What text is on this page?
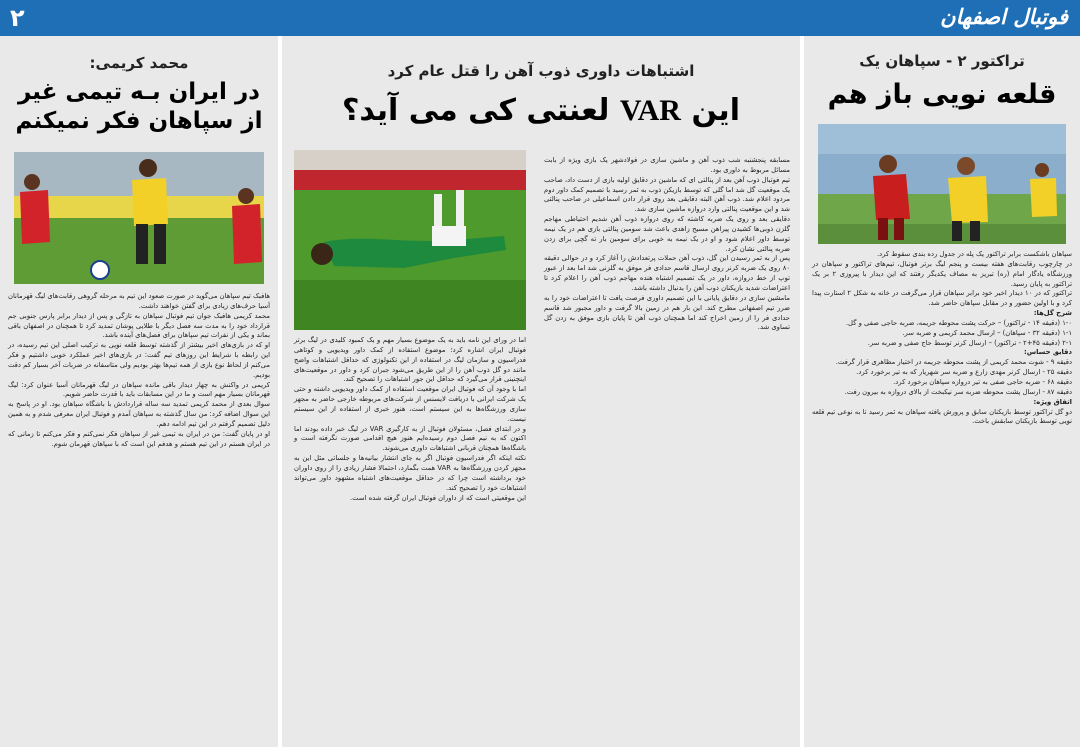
۲	فوتبال اصفهان
تراکتور ۲ - سپاهان یک
قلعه نویی باز هم

سپاهان باشکست برابر تراکتور یک پله در جدول رده بندی سقوط کرد.

در چارچوب رقابت‌های هفته بیست و پنجم لیگ برتر فوتبال، تیم‌های تراکتور و سپاهان در ورزشگاه یادگار امام (ره) تبریز به مصاف یکدیگر رفتند که این دیدار با پیروزی ۲ بر یک تراکتور به پایان رسید.

تراکتور که در ۱۰ دیدار اخیر خود برابر سپاهان قرار می‌گرفت در خانه به شکل ۲ استارت پیدا کرد و با اولین حضور و در مقابل سپاهان حاضر شد.

شرح گل‌ها:

۱-۰ (دقیقه ۱۴ - تراکتور) – حرکت پشت محوطه جریمه، ضربه حاجی صفی و گل.

۱-۱ (دقیقه ۳۲ - سپاهان) – ارسال محمد کریمی و ضربه سر.

۲-۱ (دقیقه ۴۵+۲ - تراکتور) – ارسال کرنر توسط حاج صفی و ضربه سر.

دقایق حساس:

دقیقه ۹ - شوت محمد کریمی از پشت محوطه جریمه در اختیار مظاهری قرار گرفت.

دقیقه ۲۵ - ارسال کرنر مهدی زارع و ضربه سر شهریار که به تیر برخورد کرد.

دقیقه ۶۸ - ضربه حاجی صفی به تیر دروازه سپاهان برخورد کرد.

دقیقه ۸۷ - ارسال پشت محوطه ضربه سر نیکبخت از بالای دروازه به بیرون رفت.

اتفاق ویژه:

دو گل تراکتور توسط بازیکنان سابق و پرورش یافته سپاهان به ثمر رسید تا به نوعی تیم قلعه نویی توسط بازیکنان سابقش باخت.

اشتباهات داوری ذوب آهن را قتل عام کرد
این VAR لعنتی کی می آید؟

مسابقه پنجشنبه شب ذوب آهن و ماشین سازی در فولادشهر یک بازی ویژه از بابت مسائل مربوط به داوری بود.

تیم فوتبال ذوب آهن بعد از پنالتی ای که ماشین در دقایق اولیه بازی از دست داد، صاحب یک موقعیت گل شد اما گلی که توسط بازیکن ذوب به ثمر رسید با تصمیم کمک داور دوم مردود اعلام شد. ذوب آهن البته دقایقی بعد روی قرار دادن اسماعیلی در صاحب پنالتی شد و این موقعیت پنالتی وارد دروازه ماشین سازی شد.

دقایقی بعد و روی یک ضربه کاشته که روی دروازه ذوب آهن شدیم احتیاطی مهاجم گلزن ذوبی‌ها کشیدن پیراهن مسیح زاهدی باعث شد سومین پنالتی بازی هم در یک نیمه توسط داور اعلام شود و او در یک نیمه به خوبی برای سومین بار ته گچی برای زدن ضربه پنالتی نشان کرد.

پس از به ثمر رسیدن این گل، ذوب آهن حملات پرتعدادش را آغاز کرد و در حوالی دقیقه ۸۰ روی یک ضربه کرنر روی ارسال قاسم حدادی فر موفق به گلزنی شد اما بعد از عبور توپ از خط دروازه، داور در یک تصمیم اشتباه هنده مهاجم ذوب آهن را اعلام کرد تا اعتراضات شدید بازیکنان ذوب آهن را بدنبال داشته باشد.

مامشین سازی در دقایق پایانی با این تصمیم داوری فرصت یافت تا اعتراضات خود را به ضرر تیم اصفهانی مطرح کند. این بار هم در زمین بالا گرفت و داور مجبور شد قاسم حدادی فر را از زمین اخراج کند اما همچنان ذوب آهن تا پایان بازی موفق به زدن گل تساوی شد.

اما در ورای این نامه باید به یک موضوع بسیار مهم و یک کمبود کلیدی در لیگ برتر فوتبال ایران اشاره کرد؛ موضوع استفاده از کمک داور ویدیویی و کوتاهی فدراسیون و سازمان لیگ در استفاده از این تکنولوژی که حداقل اشتباهات واضح مانند دو گل ذوب آهن را از این طریق می‌شود جبران کرد و داور در موقعیت‌های اینچنینی قرار می‌گیرد که حداقل این جور اشتباهات را تصحیح کند.

اما با وجود آن که فوتبال ایران موقعیت استفاده از کمک داور ویدیویی داشته و حتی یک شرکت ایرانی با دریافت لایسنس از شرکت‌های مربوطه خارجی حاضر به مجهز سازی ورزشگاه‌ها به این سیستم است، هنوز خبری از استفاده از این سیستم نیست.

و در ابتدای فصل، مسئولان فوتبال از به کارگیری VAR در لیگ خبر داده بودند اما اکنون که به نیم فصل دوم رسیده‌ایم هنوز هیچ اقدامی صورت نگرفته است و باشگاه‌ها همچنان قربانی اشتباهات داوری می‌شوند.

نکته اینکه اگر فدراسیون فوتبال اگر به جای انتشار بیانیه‌ها و جلساتی مثل این به مجهز کردن ورزشگاه‌ها به VAR همت بگمارد، احتمالا فشار زیادی را از روی داوران خود برداشته است چرا که در حداقل موقعیت‌های اشتباه مشهود داور می‌تواند اشتباهات خود را تصحیح کند.

این موقعیتی است که از داوران فوتبال ایران گرفته شده است.

محمد کریمی:
در ایران بـه تیمی غیر از سپاهان فکر نمیکنم

هافبک تیم سپاهان می‌گوید در صورت صعود این تیم به مرحله گروهی رقابت‌های لیگ قهرمانان آسیا حرف‌های زیادی برای گفتن خواهند داشت.

محمد کریمی هافبک جوان تیم فوتبال سپاهان به تازگی و پس از دیدار برابر پارس جنوبی جم قرارداد خود را به مدت سه فصل دیگر با طلایی پوشان تمدید کرد تا همچنان در اصفهان باقی بماند و یکی از نفرات تیم سپاهان برای فصل‌های آینده باشد.

او که در بازی‌های اخیر بیشتر از گذشته توسط قلعه نویی به ترکیب اصلی این تیم رسیده، در این رابطه با شرایط این روزهای تیم گفت: در بازی‌های اخیر عملکرد خوبی داشتیم و فکر می‌کنم از لحاظ نوع بازی از همه تیم‌ها بهتر بودیم ولی متاسفانه در ضربات آخر بسیار کم دقت بودیم.

کریمی در واکنش به چهار دیدار باقی مانده سپاهان در لیگ قهرمانان آسیا عنوان کرد: لیگ قهرمانان بسیار مهم است و ما در این مسابقات باید با قدرت حاضر شویم.

سوال بعدی از محمد کریمی تمدید سه ساله قراردادش با باشگاه سپاهان بود. او در پاسخ به این سوال اضافه کرد: من سال گذشته به سپاهان آمدم و فوتبال ایران معرفی شدم و به همین دلیل تصمیم گرفتم در این تیم ادامه دهم.

او در پایان گفت: من در ایران به تیمی غیر از سپاهان فکر نمی‌کنم و فکر می‌کنم تا زمانی که در ایران هستم در این تیم هستم و هدفم این است که با سپاهان قهرمان شوم.
